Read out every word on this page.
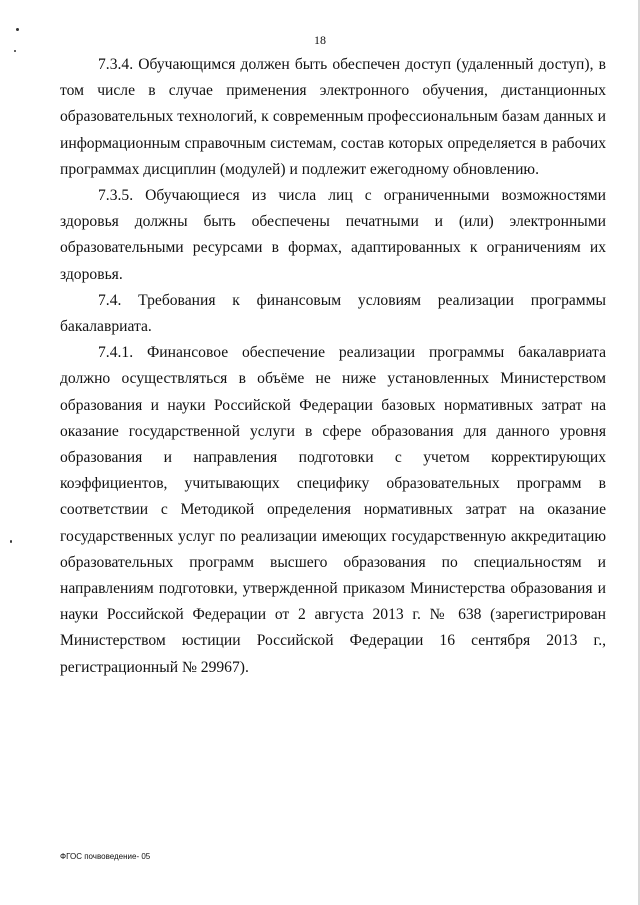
18

7.3.4. Обучающимся должен быть обеспечен доступ (удаленный доступ), в том числе в случае применения электронного обучения, дистанционных образовательных технологий, к современным профессиональным базам данных и информационным справочным системам, состав которых определяется в рабочих программах дисциплин (модулей) и подлежит ежегодному обновлению.

7.3.5. Обучающиеся из числа лиц с ограниченными возможностями здоровья должны быть обеспечены печатными и (или) электронными образовательными ресурсами в формах, адаптированных к ограничениям их здоровья.

7.4. Требования к финансовым условиям реализации программы бакалавриата.

7.4.1. Финансовое обеспечение реализации программы бакалавриата должно осуществляться в объёме не ниже установленных Министерством образования и науки Российской Федерации базовых нормативных затрат на оказание государственной услуги в сфере образования для данного уровня образования и направления подготовки с учетом корректирующих коэффициентов, учитывающих специфику образовательных программ в соответствии с Методикой определения нормативных затрат на оказание государственных услуг по реализации имеющих государственную аккредитацию образовательных программ высшего образования по специальностям и направлениям подготовки, утвержденной приказом Министерства образования и науки Российской Федерации от 2 августа 2013 г. № 638 (зарегистрирован Министерством юстиции Российской Федерации 16 сентября 2013 г., регистрационный № 29967).

ФГОС почвоведение- 05
